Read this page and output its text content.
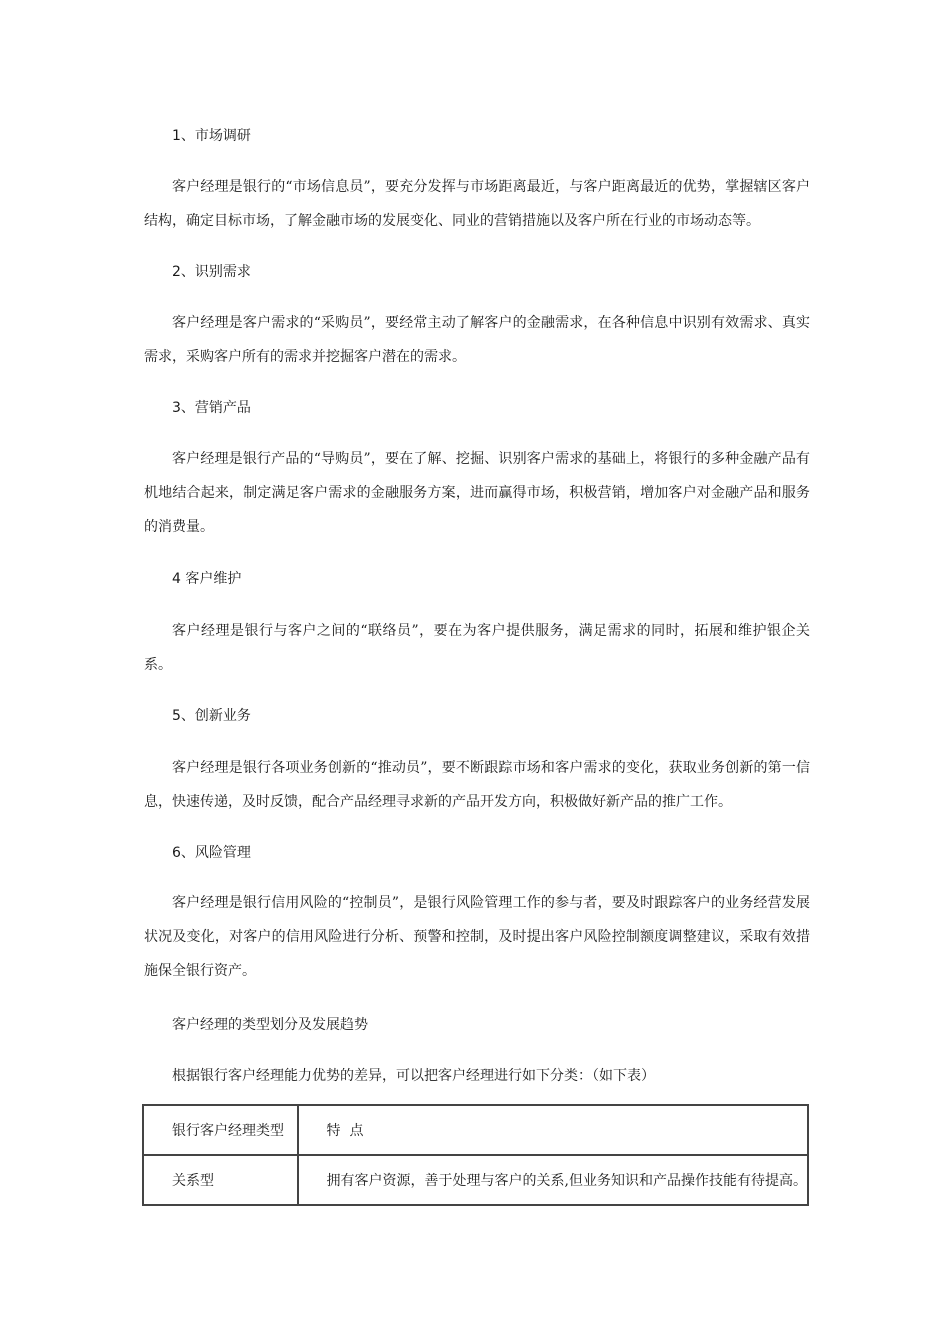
1、市场调研
客户经理是银行的“市场信息员”，要充分发挥与市场距离最近，与客户距离最近的优势，掌握辖区客户结构，确定目标市场，了解金融市场的发展变化、同业的营销措施以及客户所在行业的市场动态等。
2、识别需求
客户经理是客户需求的“采购员”，要经常主动了解客户的金融需求，在各种信息中识别有效需求、真实需求，采购客户所有的需求并挖掘客户潜在的需求。
3、营销产品
客户经理是银行产品的“导购员”，要在了解、挖掘、识别客户需求的基础上，将银行的多种金融产品有机地结合起来，制定满足客户需求的金融服务方案，进而赢得市场，积极营销，增加客户对金融产品和服务的消费量。
4 客户维护
客户经理是银行与客户之间的“联络员”，要在为客户提供服务，满足需求的同时，拓展和维护银企关系。
5、创新业务
客户经理是银行各项业务创新的“推动员”，要不断跟踪市场和客户需求的变化，获取业务创新的第一信息，快速传递，及时反馈，配合产品经理寻求新的产品开发方向，积极做好新产品的推广工作。
6、风险管理
客户经理是银行信用风险的“控制员”，是银行风险管理工作的参与者，要及时跟踪客户的业务经营发展状况及变化，对客户的信用风险进行分析、预警和控制，及时提出客户风险控制额度调整建议，采取有效措施保全银行资产。
客户经理的类型划分及发展趋势
根据银行客户经理能力优势的差异，可以把客户经理进行如下分类：（如下表）
银行客户经理类型	特  点
关系型	拥有客户资源，善于处理与客户的关系,但业务知识和产品操作技能有待提高。
